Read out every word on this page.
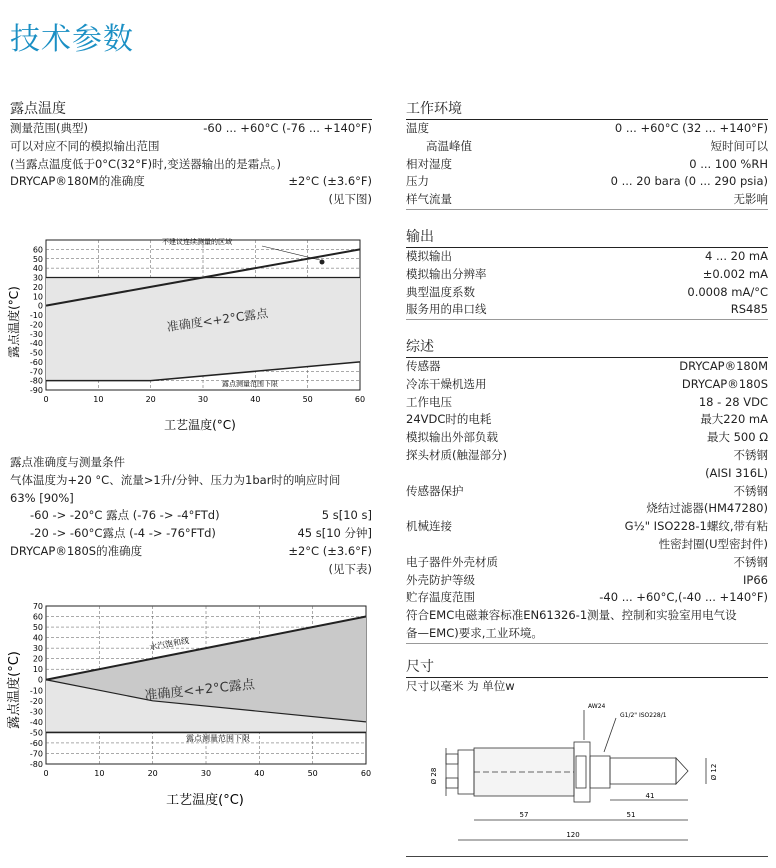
技术参数
露点温度
测量范围(典型)	-60 ... +60°C (-76 ... +140°F)
可以对应不同的模拟输出范围
(当露点温度低于0°C(32°F)时,变送器输出的是霜点。)
DRYCAP®180M的准确度	±2°C (±3.6°F)
(见下图)
60
50
40
30
20
10
0
-10
-20
-30
-40
-50
-60
-70
-80
-90
0	10	20	30	40	50	60
不建议连续测量的区域
准确度<+2°C露点
露点测量范围下限
露点温度(°C)
工艺温度(°C)
露点准确度与测量条件
气体温度为+20 °C、流量>1升/分钟、压力为1bar时的响应时间
63% [90%]
-60 -> -20°C 露点 (-76 -> -4°FTd)	5 s[10 s]
-20 -> -60°C露点 (-4 -> -76°FTd)	45 s[10 分钟]
DRYCAP®180S的准确度	±2°C (±3.6°F)
(见下表)
70
60
50
40
30
20
10
0
-10
-20
-30
-40
-50
-60
-70
-80
0	10	20	30	40	50	60
水汽饱和线
准确度<+2°C露点
露点测量范围下限
露点温度(°C)
工艺温度(°C)
工作环境
温度	0 ... +60°C (32 ... +140°F)
高温峰值	短时间可以
相对湿度	0 ... 100 %RH
压力	0 ... 20 bara (0 ... 290 psia)
样气流量	无影响
输出
模拟输出	4 ... 20 mA
模拟输出分辨率	±0.002 mA
典型温度系数	0.0008 mA/°C
服务用的串口线	RS485
综述
传感器	DRYCAP®180M
冷冻干燥机选用	DRYCAP®180S
工作电压	18 - 28 VDC
24VDC时的电耗	最大220 mA
模拟输出外部负载	最大 500 Ω
探头材质(触湿部分)	不锈钢
(AISI 316L)
传感器保护	不锈钢
烧结过滤器(HM47280)
机械连接	G½" ISO228-1螺纹,带有粘
性密封圈(U型密封件)
电子器件外壳材质	不锈钢
外壳防护等级	IP66
贮存温度范围	-40 ... +60°C,(-40 ... +140°F)
符合EMC电磁兼容标准EN61326-1测量、控制和实验室用电气设
备—EMC)要求,工业环境。
尺寸
尺寸以毫米 为 单位w
AW24
G1/2" ISO228/1
Ø 28	Ø 12
41
57	51
120
